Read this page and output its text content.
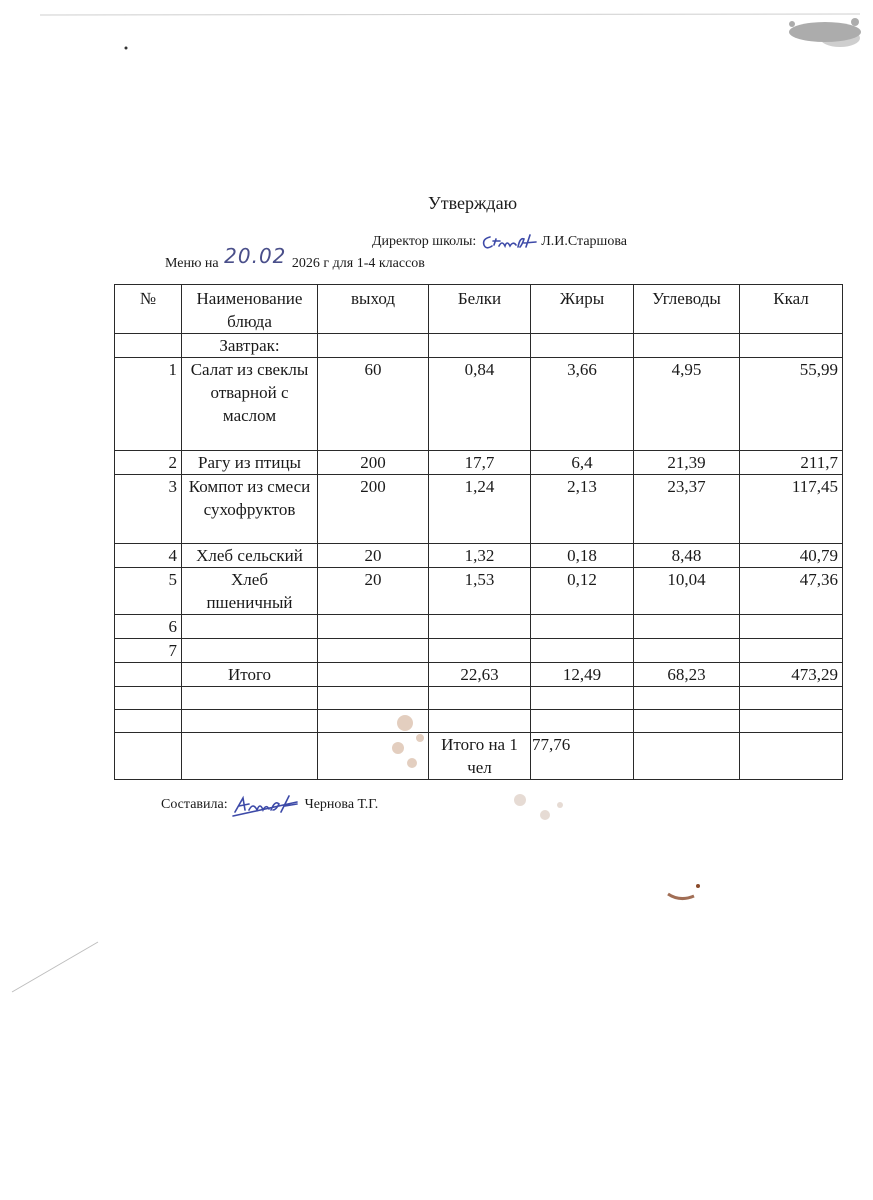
Утверждаю
Директор школы:	Л.И.Старшова
Меню на 20.02 2026 г для 1-4 классов
№	Наименование блюда	выход	Белки	Жиры	Углеводы	Ккал
	Завтрак:					
1	Салат из свеклы отварной с маслом	60	0,84	3,66	4,95	55,99
2	Рагу из птицы	200	17,7	6,4	21,39	211,7
3	Компот из смеси сухофруктов	200	1,24	2,13	23,37	117,45
4	Хлеб сельский	20	1,32	0,18	8,48	40,79
5	Хлеб пшеничный	20	1,53	0,12	10,04	47,36
6						
7						
	Итого		22,63	12,49	68,23	473,29

			Итого на 1 чел	77,76		
Составила:	Чернова Т.Г.
